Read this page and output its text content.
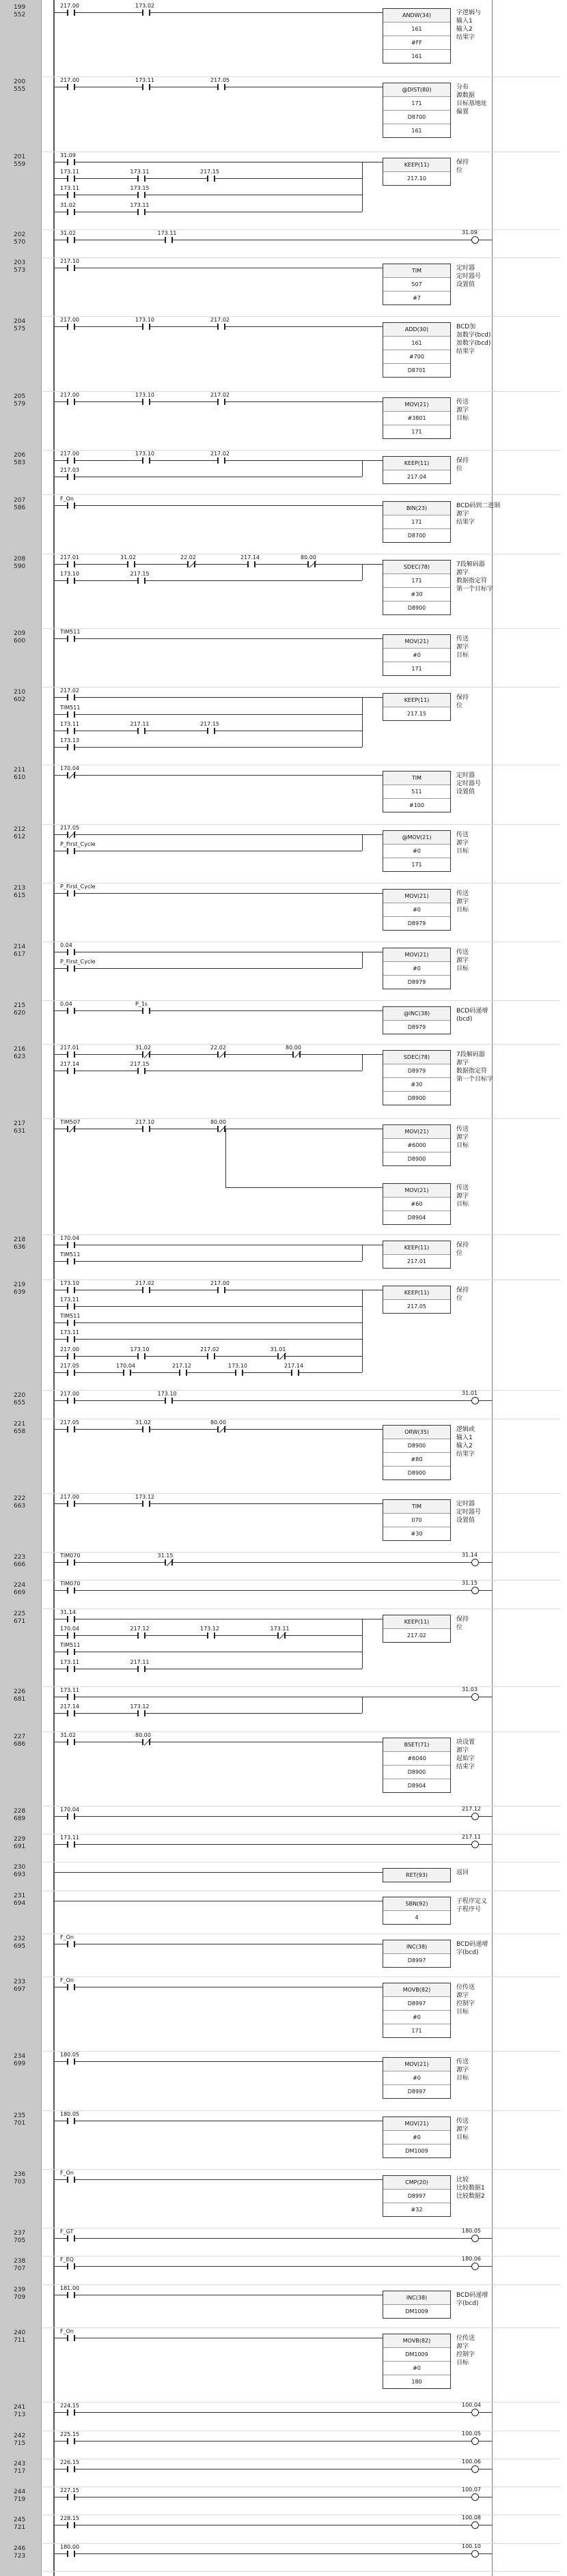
199
552
217.00	173.02
ANDW(34)
161
#FF
161
字逻辑与
输入1
输入2
结果字
200
555
217.00	173.11	217.05
@DIST(80)
171
D8700
161
分布
源数据
目标基地址
偏置
201
559
31.09
173.11	173.11	217.15
173.11	173.15
31.02	173.11
KEEP(11)
217.10
保持
位
202
570
31.02	173.11	31.09
203
573
217.10
TIM
507
#7
定时器
定时器号
设置值
204
575
217.00	173.10	217.02
ADD(30)
161
#700
D8701
BCD加
加数字(bcd)
加数字(bcd)
结果字
205
579
217.00	173.10	217.02
MOV(21)
#3801
171
传送
源字
目标
206
583
217.00	173.10	217.02
217.03
KEEP(11)
217.04
保持
位
207
586
F_On
BIN(23)
171
D8700
BCD码到二进制
源字
结果字
208
590
217.01	31.02	22.02	217.14	80.00
173.10	217.15
SDEC(78)
171
#30
D8900
7段解码器
源字
数据指定符
第一个目标字
209
600
TIM511
MOV(21)
#0
171
传送
源字
目标
210
602
217.02
TIM511
173.11	217.11	217.15
173.13
KEEP(11)
217.15
保持
位
211
610
170.04
TIM
511
#100
定时器
定时器号
设置值
212
612
217.05
P_First_Cycle
@MOV(21)
#0
171
传送
源字
目标
213
615
P_First_Cycle
MOV(21)
#0
D8979
传送
源字
目标
214
617
0.04
P_First_Cycle
MOV(21)
#0
D8979
传送
源字
目标
215
620
0.04	P_1s
@INC(38)
D8979
BCD码递增
(bcd)
216
623
217.01	31.02	22.02	80.00
217.14	217.15
SDEC(78)
D8979
#30
D8900
7段解码器
源字
数据指定符
第一个目标字
217
631
TIM507	217.10	80.00
MOV(21)
#6000
D8900
传送
源字
目标
MOV(21)
#60
D8904
传送
源字
目标
218
636
170.04
TIM511
KEEP(11)
217.01
保持
位
219
639
173.10	217.02	217.00
173.11
TIM511
173.11
217.00	173.10	217.02	31.01
217.05	170.04	217.12	173.10	217.14
KEEP(11)
217.05
保持
位
220
655
217.00	173.10	31.01
221
658
217.05	31.02	80.00
ORW(35)
D8900
#80
D8900
逻辑或
输入1
输入2
结果字
222
663
217.00	173.12
TIM
070
#30
定时器
定时器号
设置值
223
666
TIM070	31.15	31.14
224
669
TIM070	31.15
225
671
31.14
170.04	217.12	173.12	173.11
TIM511
173.11	217.11
KEEP(11)
217.02
保持
位
226
681
173.11
217.14	173.12
31.03
227
686
31.02	80.00
BSET(71)
#6040
D8900
D8904
块设置
源字
起始字
结束字
228
689
170.04	217.12
229
691
173.11	217.11
230
693	RET(93)	返回
231
694	SBN(92)
4
子程序定义
子程序号
232
695
F_On
INC(38)
D8997
BCD码递增
字(bcd)
233
697
F_On
MOVB(82)
D8997
#0
171
位传送
源字
控制字
目标
234
699
180.05
MOV(21)
#0
D8997
传送
源字
目标
235
701
180.05
MOV(21)
#0
DM1009
传送
源字
目标
236
703
F_On
CMP(20)
D8997
#32
比较
比较数据1
比较数据2
237
705
F_GT	180.05
238
707
F_EQ	180.06
239
709
181.00
INC(38)
DM1009
BCD码递增
字(bcd)
240
711
F_On
MOVB(82)
DM1009
#0
180
位传送
源字
控制字
目标
241
713
224.15	100.04
242
715
225.15	100.05
243
717
226.15	100.06
244
719
227.15	100.07
245
721
228.15	100.08
246
723
180.00	100.10
